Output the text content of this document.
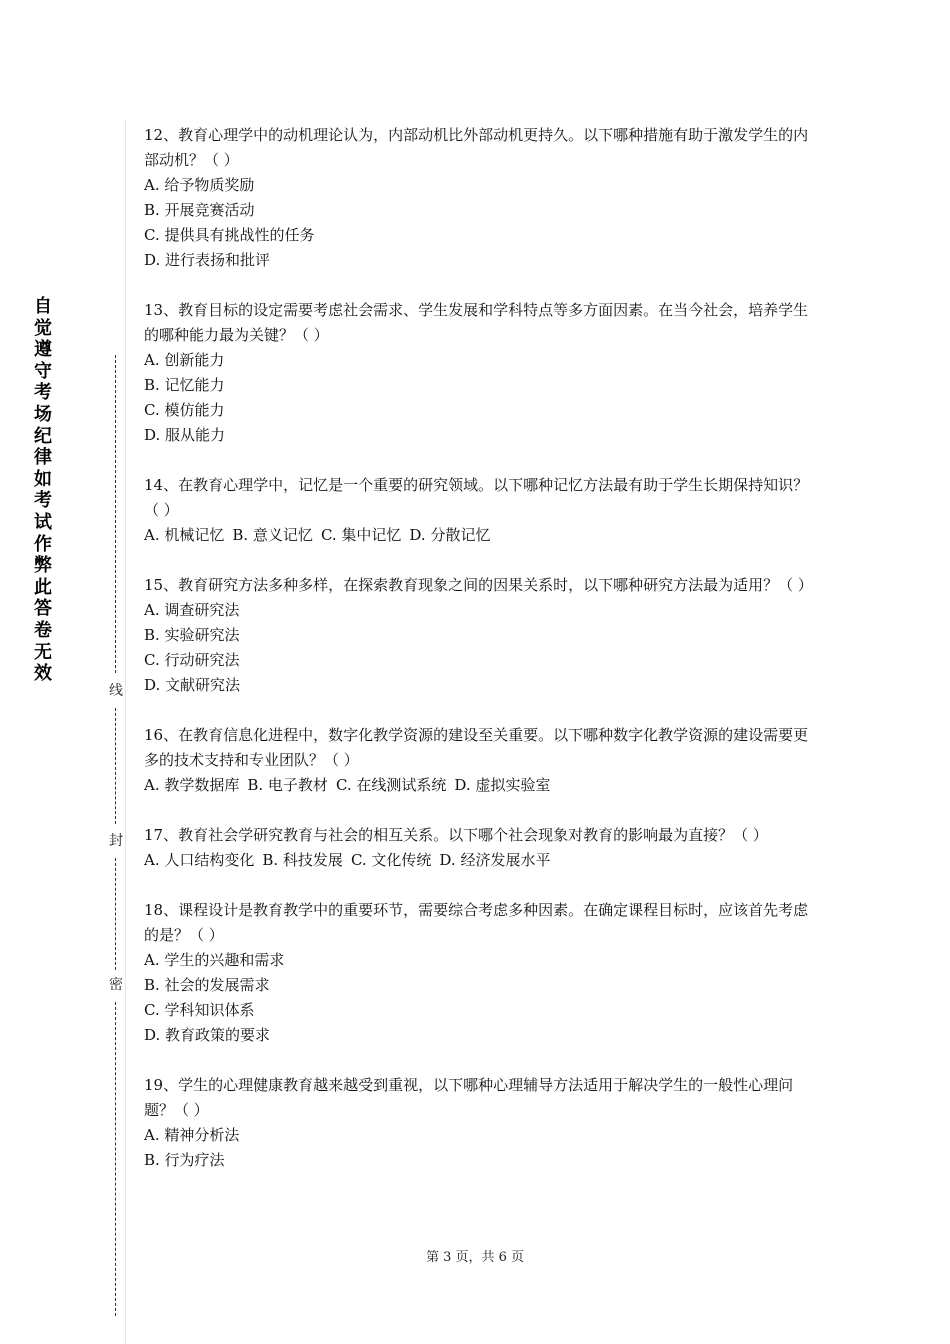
自
觉
遵
守
考
场
纪
律
如
考
试
作
弊
此
答
卷
无
效
线
封
密
12、教育心理学中的动机理论认为，内部动机比外部动机更持久。以下哪种措施有助于激发学生的内部动机？（ ）
A. 给予物质奖励
B. 开展竞赛活动
C. 提供具有挑战性的任务
D. 进行表扬和批评
13、教育目标的设定需要考虑社会需求、学生发展和学科特点等多方面因素。在当今社会，培养学生的哪种能力最为关键？（ ）
A. 创新能力
B. 记忆能力
C. 模仿能力
D. 服从能力
14、在教育心理学中，记忆是一个重要的研究领域。以下哪种记忆方法最有助于学生长期保持知识？（ ）
A. 机械记忆 B. 意义记忆 C. 集中记忆 D. 分散记忆
15、教育研究方法多种多样，在探索教育现象之间的因果关系时，以下哪种研究方法最为适用？（ ）
A. 调查研究法
B. 实验研究法
C. 行动研究法
D. 文献研究法
16、在教育信息化进程中，数字化教学资源的建设至关重要。以下哪种数字化教学资源的建设需要更多的技术支持和专业团队？（ ）
A. 教学数据库 B. 电子教材 C. 在线测试系统 D. 虚拟实验室
17、教育社会学研究教育与社会的相互关系。以下哪个社会现象对教育的影响最为直接？（ ）
A. 人口结构变化 B. 科技发展 C. 文化传统 D. 经济发展水平
18、课程设计是教育教学中的重要环节，需要综合考虑多种因素。在确定课程目标时，应该首先考虑的是？（ ）
A. 学生的兴趣和需求
B. 社会的发展需求
C. 学科知识体系
D. 教育政策的要求
19、学生的心理健康教育越来越受到重视，以下哪种心理辅导方法适用于解决学生的一般性心理问题？（ ）
A. 精神分析法
B. 行为疗法
第 3 页，共 6 页
